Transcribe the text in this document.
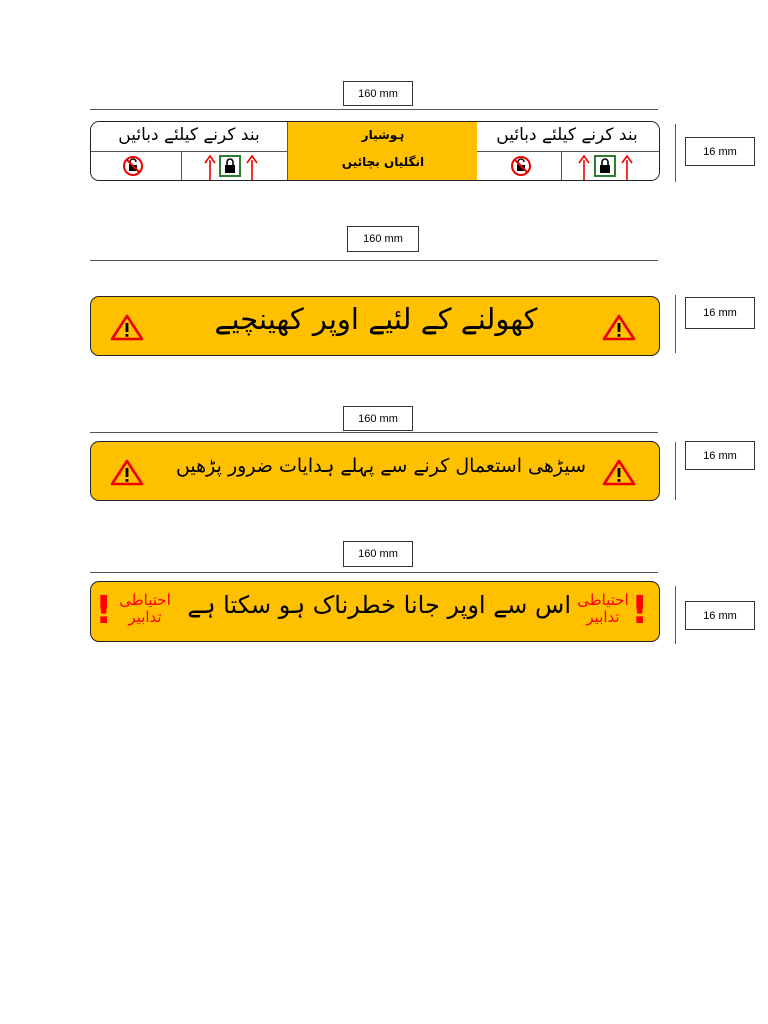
160 mm
16 mm
بند کرنے کیلئے دبائیں	ہوشیار
انگلیاں بچائیں
بند کرنے کیلئے دبائیں
160 mm
16 mm
کھولنے کے لئیے اوپر کھینچیے
160 mm
16 mm
سیڑھی استعمال کرنے سے پہلے ہدایات ضرور پڑھیں
160 mm
16 mm
! احتیاطی
تدابیر	اس سے اوپر جانا خطرناک ہو سکتا ہے احتیاطی
تدابیر !
